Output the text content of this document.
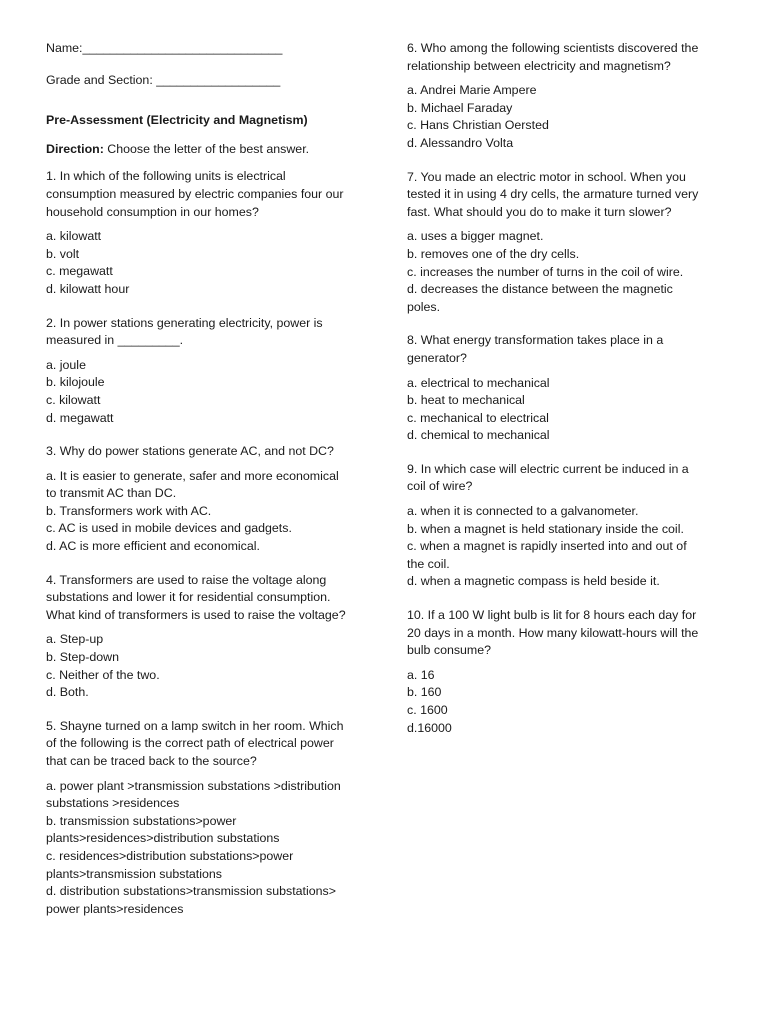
Name:_____________________________
Grade and Section: __________________
Pre-Assessment (Electricity and Magnetism)
Direction: Choose the letter of the best answer.
1. In which of the following units is electrical
consumption measured by electric companies four our
household consumption in our homes?
a. kilowatt
b. volt
c. megawatt
d. kilowatt hour
2. In power stations generating electricity, power is
measured in _________.
a. joule
b. kilojoule
c. kilowatt
d. megawatt
3. Why do power stations generate AC, and not DC?
a. It is easier to generate, safer and more economical
to transmit AC than DC.
b. Transformers work with AC.
c. AC is used in mobile devices and gadgets.
d. AC is more efficient and economical.
4. Transformers are used to raise the voltage along
substations and lower it for residential consumption.
What kind of transformers is used to raise the voltage?
a. Step-up
b. Step-down
c. Neither of the two.
d. Both.
5. Shayne turned on a lamp switch in her room. Which
of the following is the correct path of electrical power
that can be traced back to the source?
a. power plant >transmission substations >distribution
substations >residences
b. transmission substations>power
plants>residences>distribution substations
c. residences>distribution substations>power
plants>transmission substations
d. distribution substations>transmission substations>
power plants>residences
6. Who among the following scientists discovered the
relationship between electricity and magnetism?
a. Andrei Marie Ampere
b. Michael Faraday
c. Hans Christian Oersted
d. Alessandro Volta
7. You made an electric motor in school. When you
tested it in using 4 dry cells, the armature turned very
fast. What should you do to make it turn slower?
a. uses a bigger magnet.
b. removes one of the dry cells.
c. increases the number of turns in the coil of wire.
d. decreases the distance between the magnetic
poles.
8. What energy transformation takes place in a
generator?
a. electrical to mechanical
b. heat to mechanical
c. mechanical to electrical
d. chemical to mechanical
9. In which case will electric current be induced in a
coil of wire?
a. when it is connected to a galvanometer.
b. when a magnet is held stationary inside the coil.
c. when a magnet is rapidly inserted into and out of
the coil.
d. when a magnetic compass is held beside it.
10. If a 100 W light bulb is lit for 8 hours each day for
20 days in a month. How many kilowatt-hours will the
bulb consume?
a. 16
b. 160
c. 1600
d.16000
